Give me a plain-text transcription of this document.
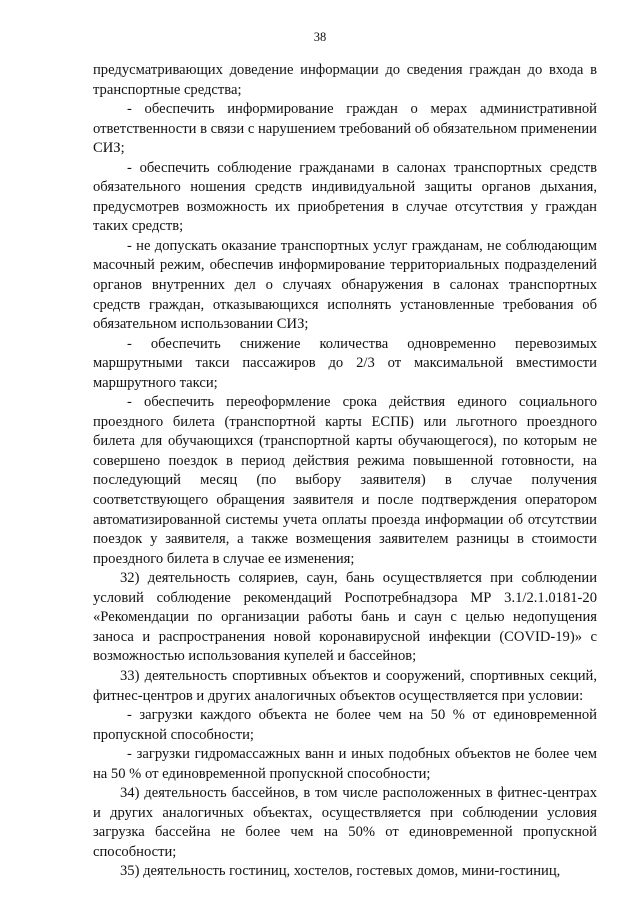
38

предусматривающих доведение информации до сведения граждан до входа в транспортные средства;

- обеспечить информирование граждан о мерах административной ответственности в связи с нарушением требований об обязательном применении СИЗ;

- обеспечить соблюдение гражданами в салонах транспортных средств обязательного ношения средств индивидуальной защиты органов дыхания, предусмотрев возможность их приобретения в случае отсутствия у граждан таких средств;

- не допускать оказание транспортных услуг гражданам, не соблюдающим масочный режим, обеспечив информирование территориальных подразделений органов внутренних дел о случаях обнаружения в салонах транспортных средств граждан, отказывающихся исполнять установленные требования об обязательном использовании СИЗ;

- обеспечить снижение количества одновременно перевозимых маршрутными такси пассажиров до 2/3 от максимальной вместимости маршрутного такси;

- обеспечить переоформление срока действия единого социального проездного билета (транспортной карты ЕСПБ) или льготного проездного билета для обучающихся (транспортной карты обучающегося), по которым не совершено поездок в период действия режима повышенной готовности, на последующий месяц (по выбору заявителя) в случае получения соответствующего обращения заявителя и после подтверждения оператором автоматизированной системы учета оплаты проезда информации об отсутствии поездок у заявителя, а также возмещения заявителем разницы в стоимости проездного билета в случае ее изменения;

32) деятельность соляриев, саун, бань осуществляется при соблюдении условий соблюдение рекомендаций Роспотребнадзора МР 3.1/2.1.0181-20 «Рекомендации по организации работы бань и саун с целью недопущения заноса и распространения новой коронавирусной инфекции (COVID-19)» с возможностью использования купелей и бассейнов;

33) деятельность спортивных объектов и сооружений, спортивных секций, фитнес-центров и других аналогичных объектов осуществляется при условии:

- загрузки каждого объекта не более чем на 50 % от единовременной пропускной способности;

- загрузки гидромассажных ванн и иных подобных объектов не более чем на 50 % от единовременной пропускной способности;

34) деятельность бассейнов, в том числе расположенных в фитнес-центрах и других аналогичных объектах, осуществляется при соблюдении условия загрузка бассейна не более чем на 50% от единовременной пропускной способности;

35) деятельность гостиниц, хостелов, гостевых домов, мини-гостиниц,
